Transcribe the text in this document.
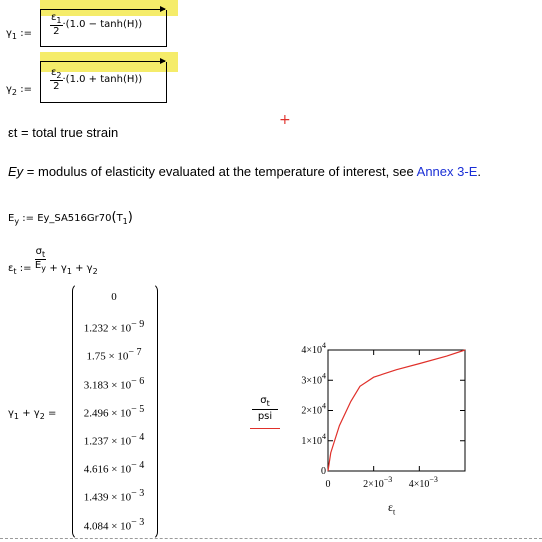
$\gamma_1$ := $\frac{\varepsilon_1}{2} \cdot(1.0 - \tanh(H))$
$\gamma_2$ := $\frac{\varepsilon_2}{2} \cdot(1.0 + \tanh(H))$
+
εt = total true strain
Ey = modulus of elasticity evaluated at the temperature of interest, see Annex 3-E.
$E_y$ := $Ey\_SA516Gr70(T_1)$
$\varepsilon_t$ := $\frac{\sigma_t}{E_y} + \gamma_1 + \gamma_2$
$\gamma_1 + \gamma_2$ =
0
$1.232 \times 10^{- 9}$
$1.75 \times 10^{- 7}$
$3.183 \times 10^{- 6}$
$2.496 \times 10^{- 5}$
$1.237 \times 10^{- 4}$
$4.616 \times 10^{- 4}$
$1.439 \times 10^{- 3}$
$4.084 \times 10^{- 3}$
$\sigma_t$
psi
0
$1\times 10^4$
$2\times 10^4$
$3\times 10^4$
$4\times 10^4$
0	$2\times 10^{-3}$ $4\times 10^{-3}$
$\varepsilon_t$
